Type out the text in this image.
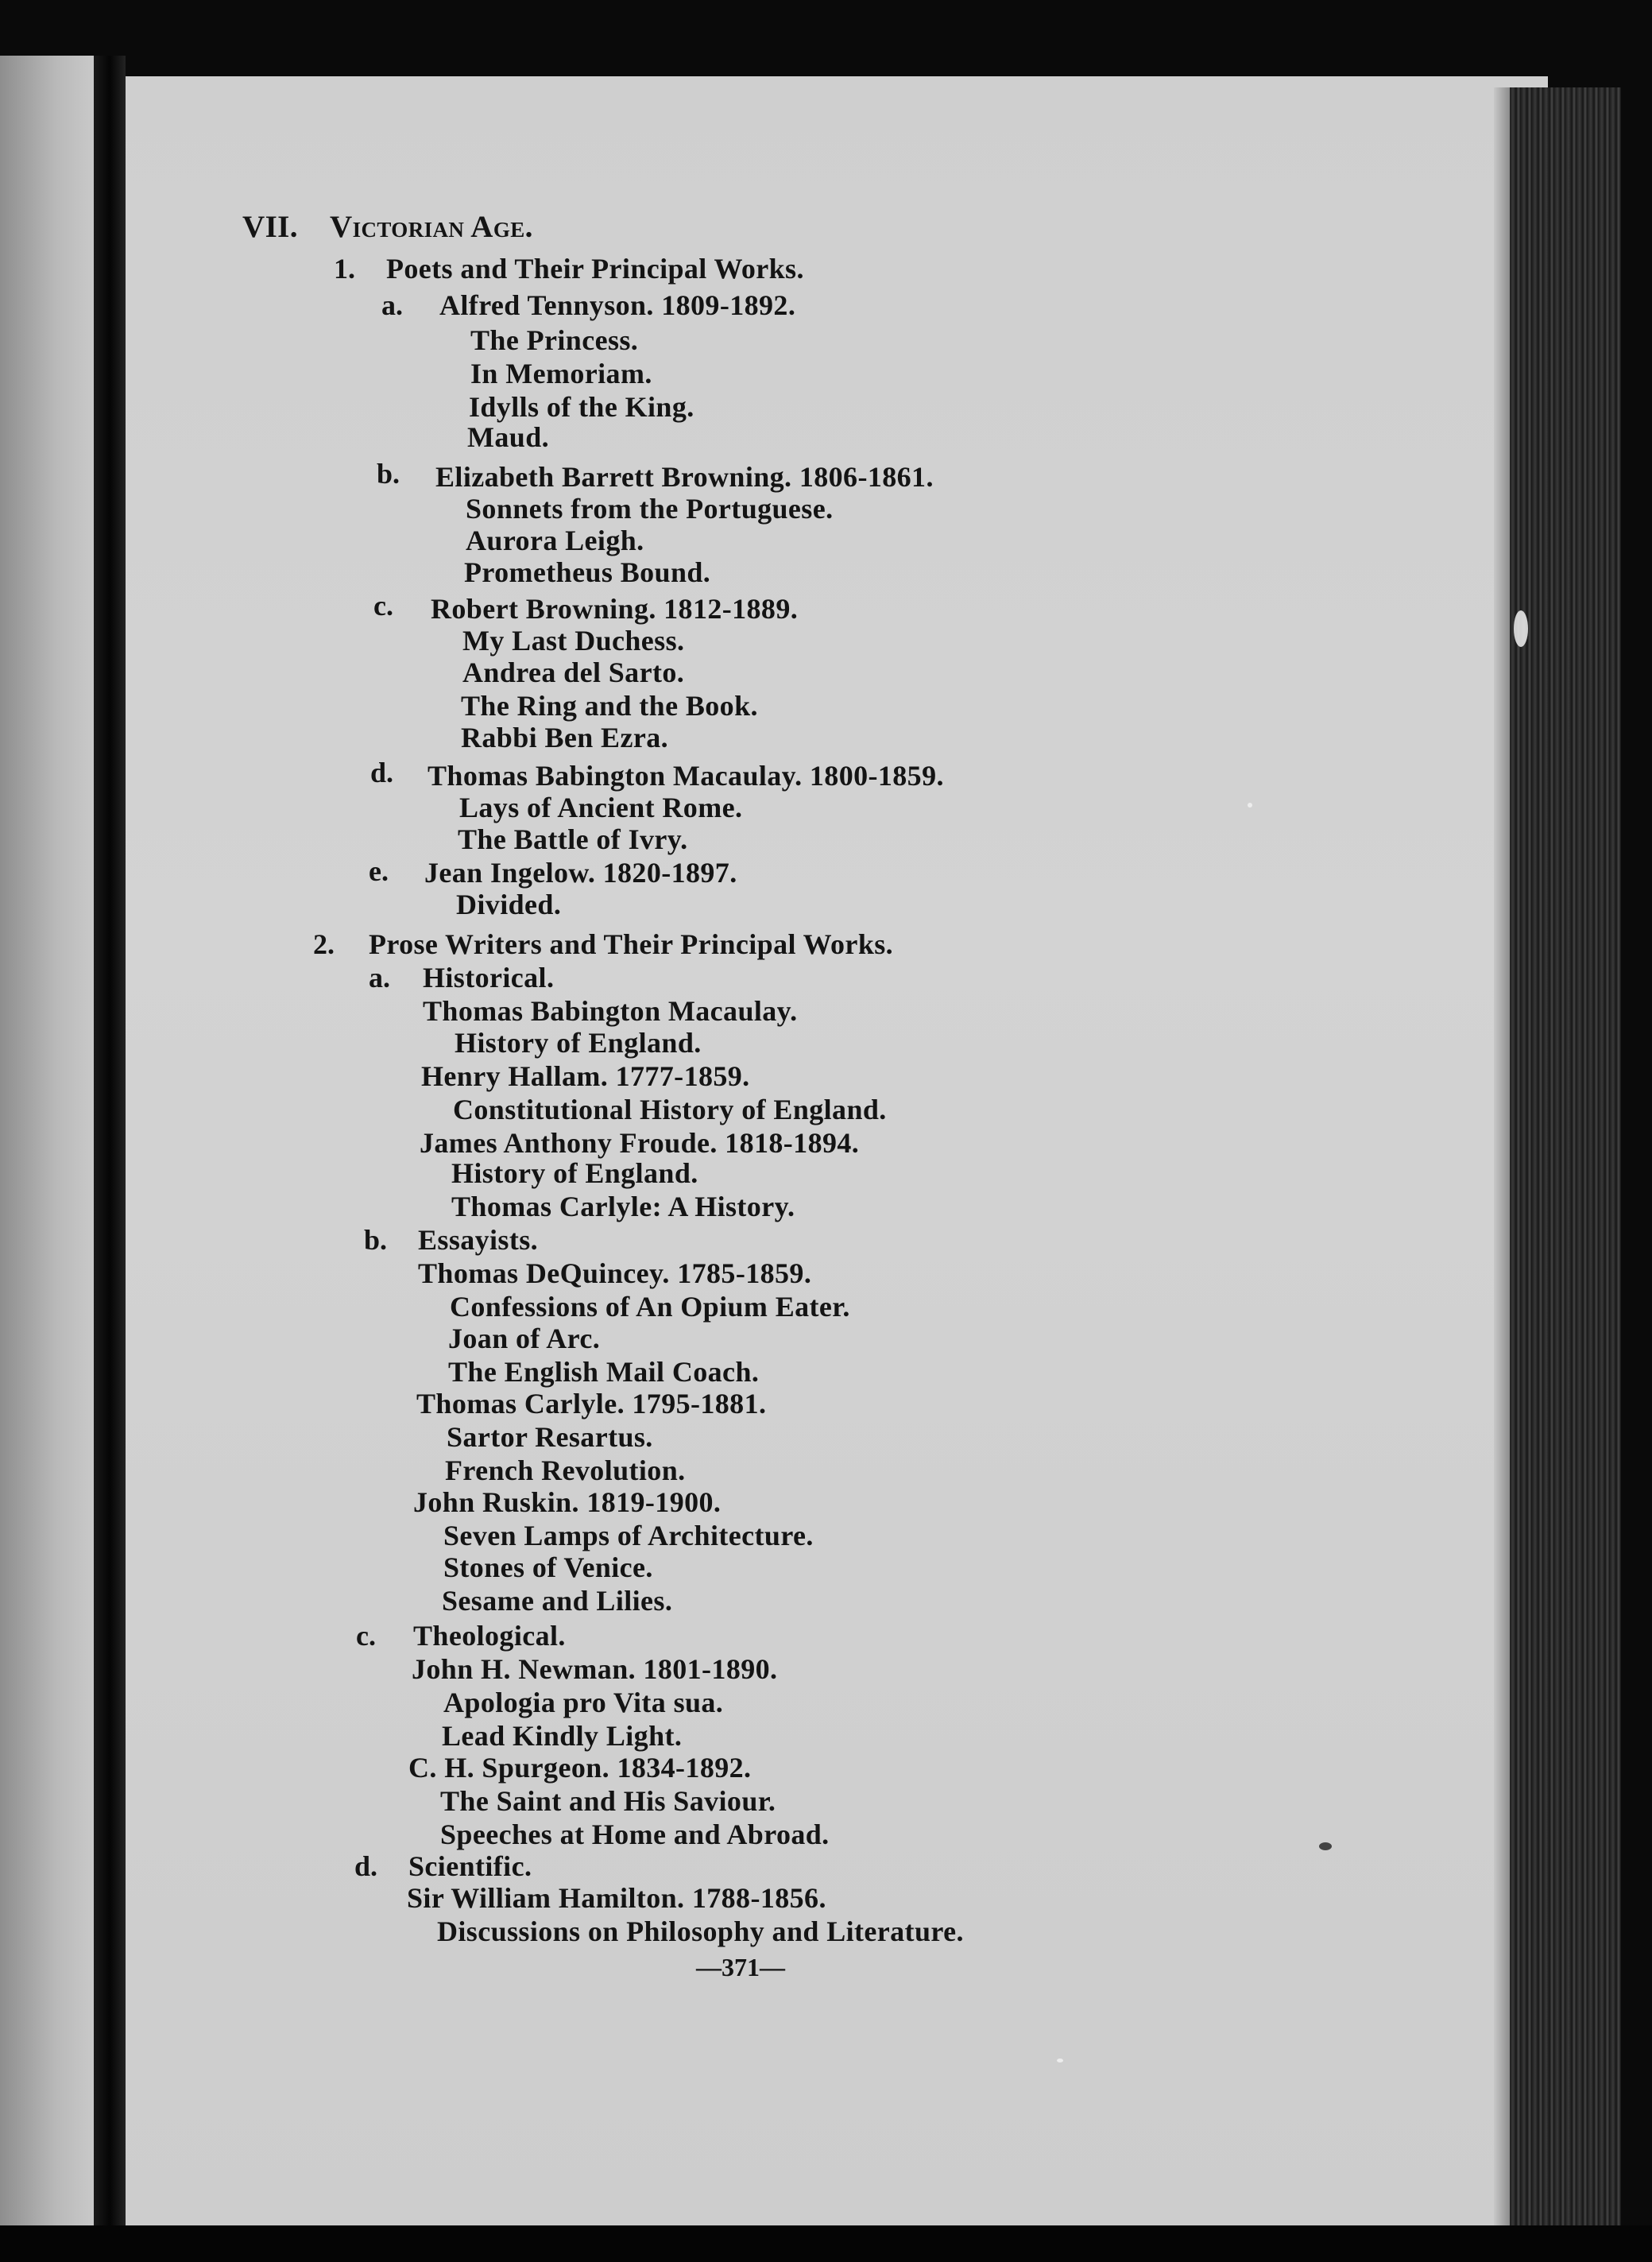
VII. Victorian Age.
1. Poets and Their Principal Works.
a. Alfred Tennyson. 1809-1892.
The Princess.
In Memoriam.
Idylls of the King.
Maud.
b. Elizabeth Barrett Browning. 1806-1861.
Sonnets from the Portuguese.
Aurora Leigh.
Prometheus Bound.
c. Robert Browning. 1812-1889.
My Last Duchess.
Andrea del Sarto.
The Ring and the Book.
Rabbi Ben Ezra.
d. Thomas Babington Macaulay. 1800-1859.
Lays of Ancient Rome.
The Battle of Ivry.
e. Jean Ingelow. 1820-1897.
Divided.
2. Prose Writers and Their Principal Works.
a. Historical.
Thomas Babington Macaulay.
History of England.
Henry Hallam. 1777-1859.
Constitutional History of England.
James Anthony Froude. 1818-1894.
History of England.
Thomas Carlyle: A History.
b. Essayists.
Thomas DeQuincey. 1785-1859.
Confessions of An Opium Eater.
Joan of Arc.
The English Mail Coach.
Thomas Carlyle. 1795-1881.
Sartor Resartus.
French Revolution.
John Ruskin. 1819-1900.
Seven Lamps of Architecture.
Stones of Venice.
Sesame and Lilies.
c. Theological.
John H. Newman. 1801-1890.
Apologia pro Vita sua.
Lead Kindly Light.
C. H. Spurgeon. 1834-1892.
The Saint and His Saviour.
Speeches at Home and Abroad.
d. Scientific.
Sir William Hamilton. 1788-1856.
Discussions on Philosophy and Literature.

—371—
